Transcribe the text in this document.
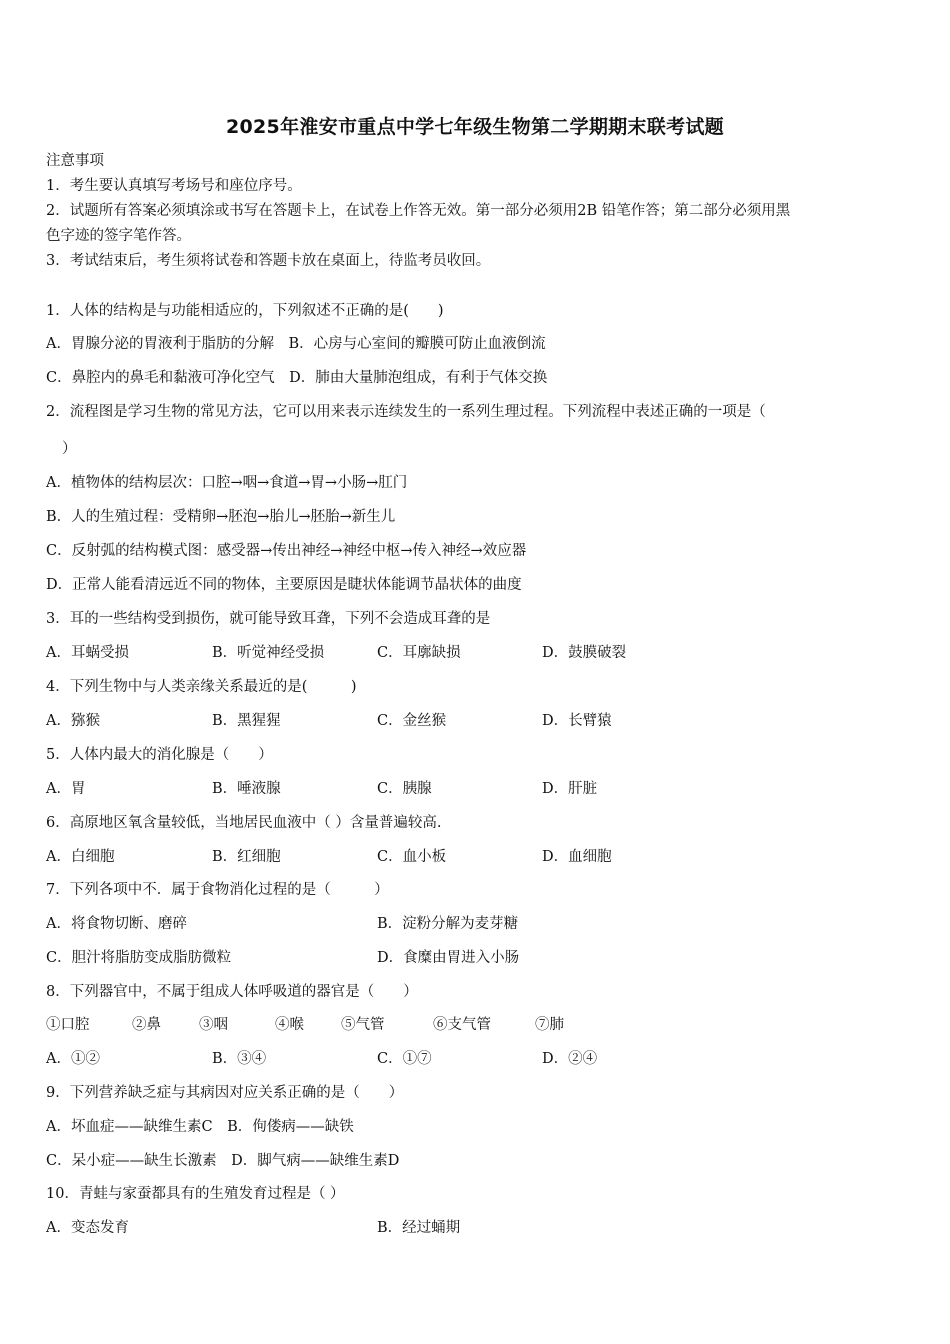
2025年淮安市重点中学七年级生物第二学期期末联考试题
注意事项
1．考生要认真填写考场号和座位序号。
2．试题所有答案必须填涂或书写在答题卡上，在试卷上作答无效。第一部分必须用2B 铅笔作答；第二部分必须用黑
色字迹的签字笔作答。
3．考试结束后，考生须将试卷和答题卡放在桌面上，待监考员收回。
1．人体的结构是与功能相适应的，下列叙述不正确的是(　　)
A．胃腺分泌的胃液利于脂肪的分解　B．心房与心室间的瓣膜可防止血液倒流
C．鼻腔内的鼻毛和黏液可净化空气　D．肺由大量肺泡组成，有利于气体交换
2．流程图是学习生物的常见方法，它可以用来表示连续发生的一系列生理过程。下列流程中表述正确的一项是（
）
A．植物体的结构层次：口腔→咽→食道→胃→小肠→肛门
B．人的生殖过程：受精卵→胚泡→胎儿→胚胎→新生儿
C．反射弧的结构模式图：感受器→传出神经→神经中枢→传入神经→效应器
D．正常人能看清远近不同的物体，主要原因是睫状体能调节晶状体的曲度
3．耳的一些结构受到损伤，就可能导致耳聋，下列不会造成耳聋的是
A．耳蜗受损	B．听觉神经受损	C．耳廓缺损	D．鼓膜破裂
4．下列生物中与人类亲缘关系最近的是(　　　)
A．猕猴	B．黑猩猩	C．金丝猴	D．长臂猿
5．人体内最大的消化腺是（　　）
A．胃	B．唾液腺	C．胰腺	D．肝脏
6．高原地区氧含量较低，当地居民血液中（ ）含量普遍较高.
A．白细胞	B．红细胞	C．血小板	D．血细胞
7．下列各项中不．属于食物消化过程的是（　　　）
A．将食物切断、磨碎	B．淀粉分解为麦芽糖
C．胆汁将脂肪变成脂肪微粒	D．食糜由胃进入小肠
8．下列器官中，不属于组成人体呼吸道的器官是（　　）
①口腔	②鼻	③咽	④喉	⑤气管	⑥支气管	⑦肺
A．①②	B．③④	C．①⑦	D．②④
9．下列营养缺乏症与其病因对应关系正确的是（　　）
A．坏血症——缺维生素C　B．佝偻病——缺铁
C．呆小症——缺生长激素　D．脚气病——缺维生素D
10．青蛙与家蚕都具有的生殖发育过程是（ ）
A．变态发育	B．经过蛹期
